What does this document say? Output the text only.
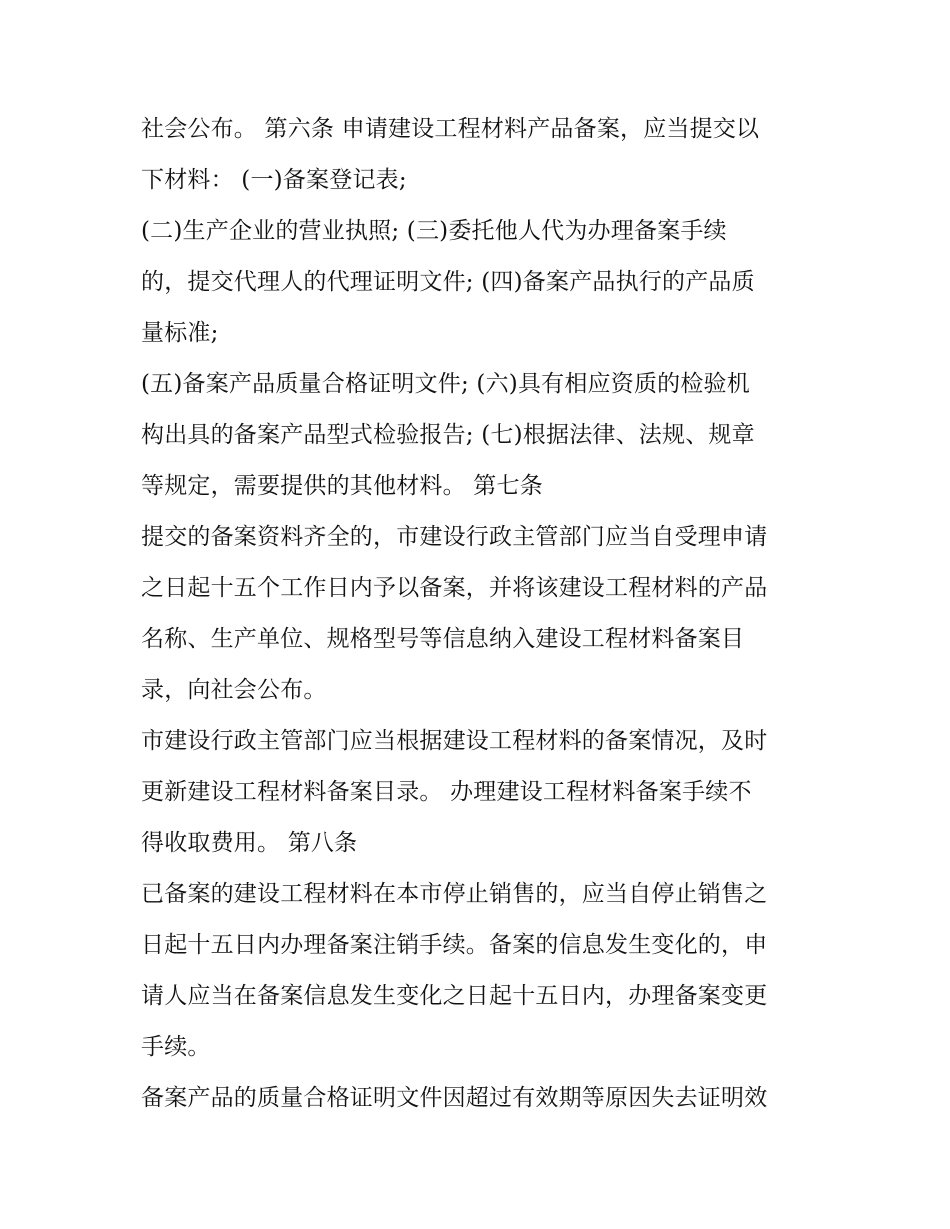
社会公布。 第六条 申请建设工程材料产品备案，应当提交以
下材料： (一)备案登记表;
(二)生产企业的营业执照; (三)委托他人代为办理备案手续
的，提交代理人的代理证明文件; (四)备案产品执行的产品质
量标准;
(五)备案产品质量合格证明文件; (六)具有相应资质的检验机
构出具的备案产品型式检验报告; (七)根据法律、法规、规章
等规定，需要提供的其他材料。 第七条
提交的备案资料齐全的，市建设行政主管部门应当自受理申请
之日起十五个工作日内予以备案，并将该建设工程材料的产品
名称、生产单位、规格型号等信息纳入建设工程材料备案目
录，向社会公布。
市建设行政主管部门应当根据建设工程材料的备案情况，及时
更新建设工程材料备案目录。 办理建设工程材料备案手续不
得收取费用。 第八条
已备案的建设工程材料在本市停止销售的，应当自停止销售之
日起十五日内办理备案注销手续。备案的信息发生变化的，申
请人应当在备案信息发生变化之日起十五日内，办理备案变更
手续。
备案产品的质量合格证明文件因超过有效期等原因失去证明效
